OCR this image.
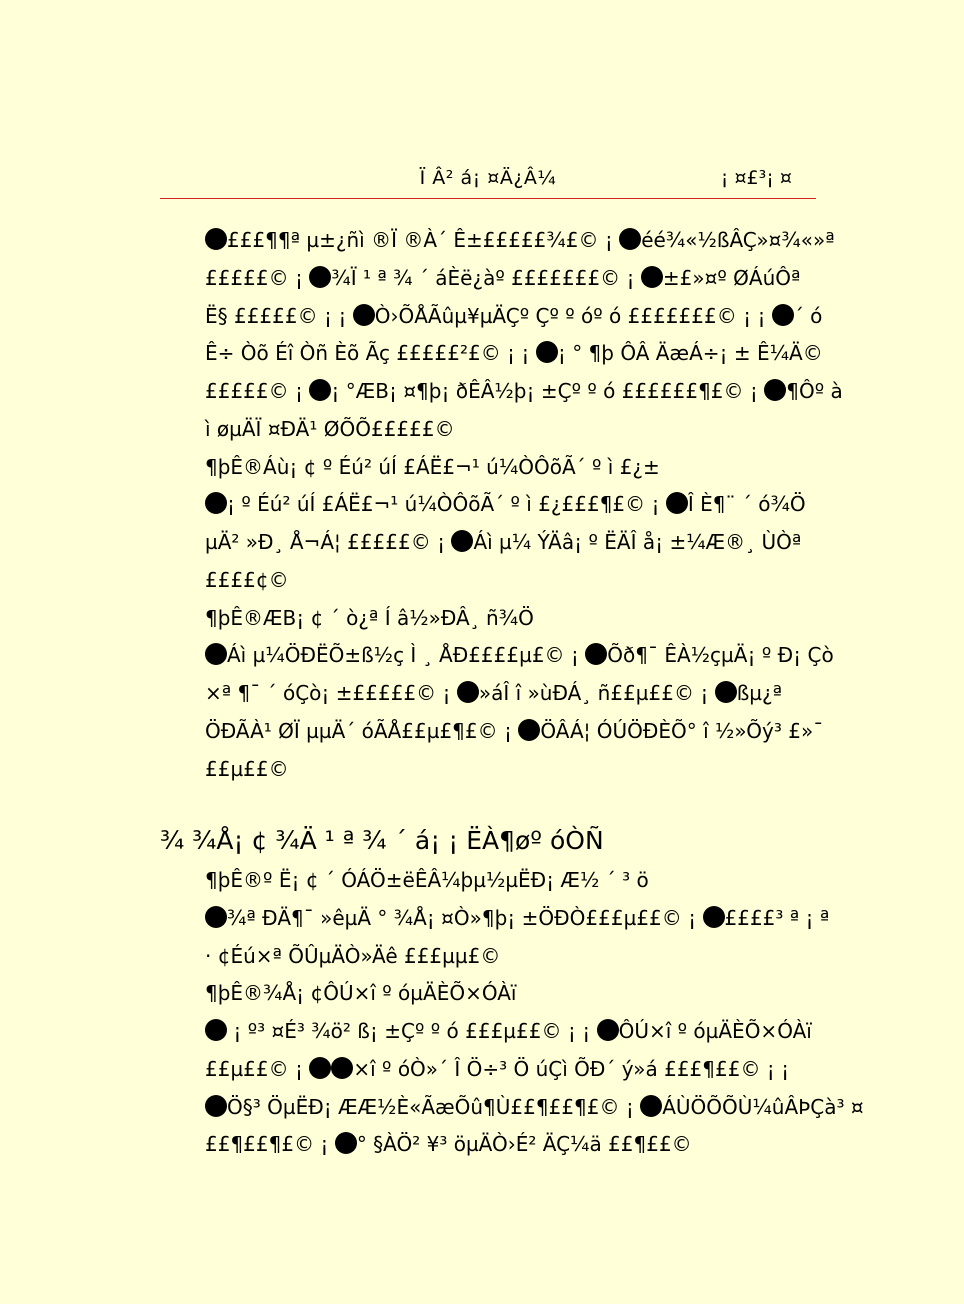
Ï Â² á¡ ¤Ä¿Â¼	¡ ¤£³¡ ¤
£££¶¶ª µ±¿ñì ®Ï ®À´ Ê±£££££¾£© ¡ éé¾«½ßÂÇ»¤¾«»ª
£££££© ¡ ¾Ï ¹ ª ¾ ´ áÈë¿àº £££££££© ¡ ±£»¤º ØÁúÔª
Ë§ £££££© ¡ ¡ Ò›ÕÅÃûµ¥µÄÇº Çº º óº ó £££££££© ¡ ¡ ´ ó
Ê÷ Òõ Éî Òñ Èõ Ãç £££££²£© ¡ ¡ ¡ ° ¶þ ÔÂ ÄæÁ÷¡ ± Ê¼Ä©
£££££© ¡ ¡ °ÆB¡ ¤¶þ¡ ðÊÂ½þ¡ ±Çº º ó ££££££¶£© ¡ ¶Ôº à
ì øµÄÏ ¤ÐÄ¹ ØÕÕ£££££©
¶þÊ®Áù¡ ¢ º Éú² úÍ £ÁË£¬¹ ú¼ÒÔõÃ´ º ì £¿±
¡ º Éú² úÍ £ÁË£¬¹ ú¼ÒÔõÃ´ º ì £¿£££¶£© ¡ Î È¶¨ ´ ó¾Ö
µÄ² »Ð¸ Å¬Á¦ £££££© ¡ Áì µ¼ ÝÄâ¡ º ËÄÎ å¡ ±¼Æ®¸ ÙÒª
££££¢©
¶þÊ®ÆB¡ ¢ ´ ò¿ª Í â½»ÐÂ¸ ñ¾Ö
Áì µ¼ÖÐËÕ±ß½ç Ì ¸ ÅÐ££££µ£© ¡ Õð¶¯ ÊÀ½çµÄ¡ º Ð¡ Çò
×ª ¶¯ ´ óÇò¡ ±£££££© ¡ »áÎ î »ùÐÁ¸ ñ££µ££© ¡ ßµ¿ª
ÖÐÃÀ¹ ØÏ µµÄ´ óÃÅ££µ£¶£© ¡ ÖÂÁ¦ ÓÚÖÐÈÕ° î ½»Õý³ £»¯
££µ££©
¾ ¾Å¡ ¢ ¾Ä ¹ ª ¾ ´ á¡ ¡ ËÀ¶øº óÒÑ
¶þÊ®º Ë¡ ¢ ´ ÓÁÖ±ëÊÂ¼þµ½µËÐ¡ Æ½ ´ ³ ö
¾ª ÐÄ¶¯ »êµÄ ° ¾Å¡ ¤Ò»¶þ¡ ±ÖÐÒ£££µ££© ¡ ££££³ ª ¡ ª
· ¢Éú×ª ÕÛµÄÒ»Äê £££µµ£©
¶þÊ®¾Å¡ ¢ÔÚ×î º óµÄÈÕ×ÓÀï
¡ º³ ¤É³ ¾ö² ß¡ ±Çº º ó £££µ££© ¡ ¡ ÔÚ×î º óµÄÈÕ×ÓÀï
££µ££© ¡ ×î º óÒ»´ Î Ö÷³ Ö úÇì ÕÐ´ ý»á £££¶££© ¡ ¡
Ö§³ ÖµËÐ¡ ÆÆ½È«ÃæÕû¶Ù££¶££¶£© ¡ ÁÙÖÕÕÙ¼ûÂÞÇà³ ¤
££¶££¶£© ¡ ° §ÀÖ² ¥³ öµÄÒ›É² ÄÇ¼ä ££¶££©
